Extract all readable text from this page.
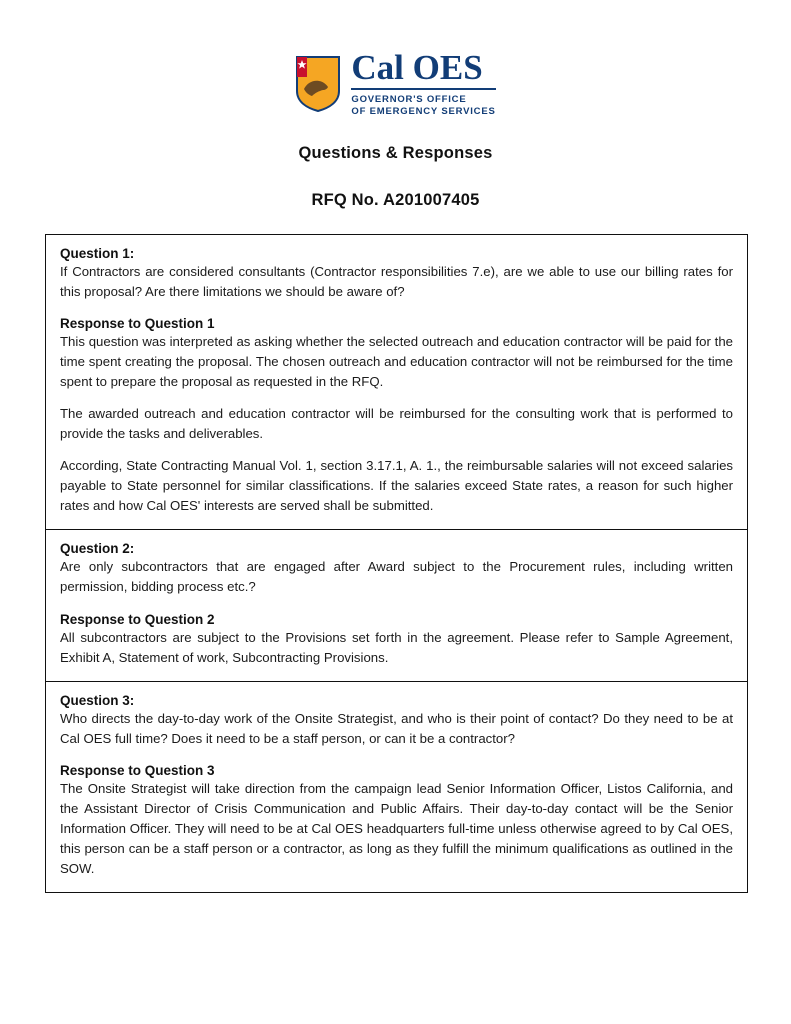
Cal OES
GOVERNOR'S OFFICE
OF EMERGENCY SERVICES
Questions & Responses
RFQ No. A201007405

Question 1:

If Contractors are considered consultants (Contractor responsibilities 7.e), are we able to use our billing rates for this proposal? Are there limitations we should be aware of?

Response to Question 1

This question was interpreted as asking whether the selected outreach and education contractor will be paid for the time spent creating the proposal. The chosen outreach and education contractor will not be reimbursed for the time spent to prepare the proposal as requested in the RFQ.

The awarded outreach and education contractor will be reimbursed for the consulting work that is performed to provide the tasks and deliverables.

According, State Contracting Manual Vol. 1, section 3.17.1, A. 1., the reimbursable salaries will not exceed salaries payable to State personnel for similar classifications. If the salaries exceed State rates, a reason for such higher rates and how Cal OES' interests are served shall be submitted.

Question 2:

Are only subcontractors that are engaged after Award subject to the Procurement rules, including written permission, bidding process etc.?

Response to Question 2

All subcontractors are subject to the Provisions set forth in the agreement. Please refer to Sample Agreement, Exhibit A, Statement of work, Subcontracting Provisions.

Question 3:

Who directs the day-to-day work of the Onsite Strategist, and who is their point of contact? Do they need to be at Cal OES full time? Does it need to be a staff person, or can it be a contractor?

Response to Question 3

The Onsite Strategist will take direction from the campaign lead Senior Information Officer, Listos California, and the Assistant Director of Crisis Communication and Public Affairs. Their day-to-day contact will be the Senior Information Officer. They will need to be at Cal OES headquarters full-time unless otherwise agreed to by Cal OES, this person can be a staff person or a contractor, as long as they fulfill the minimum qualifications as outlined in the SOW.
